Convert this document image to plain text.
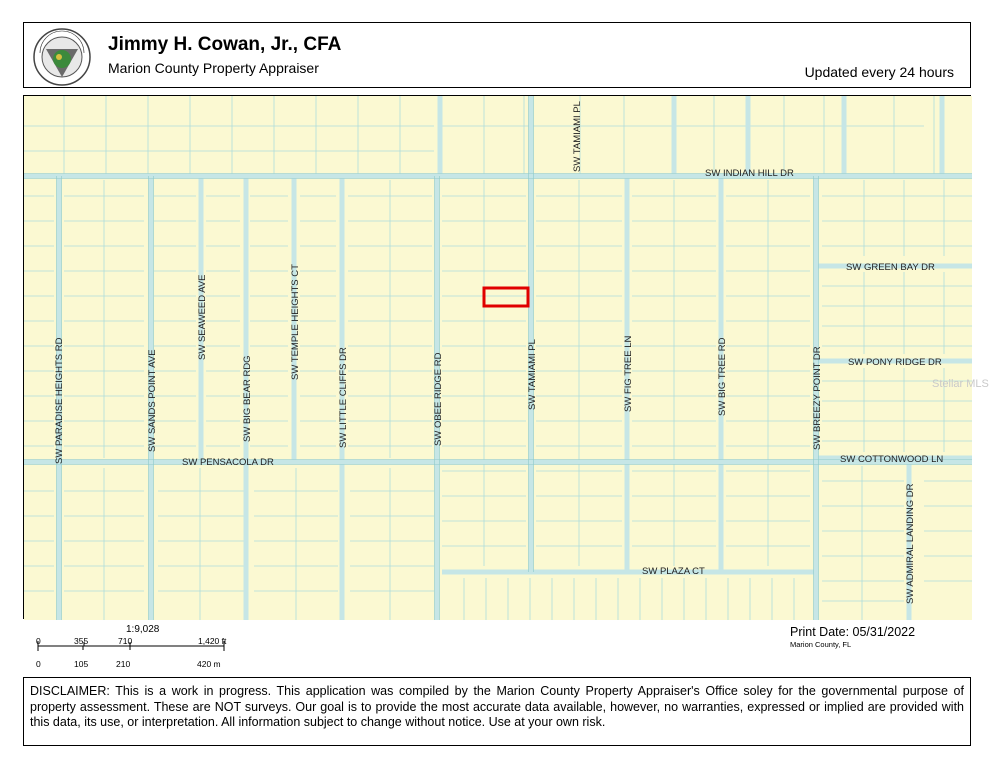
Jimmy H. Cowan, Jr., CFA
Marion County Property Appraiser	Updated every 24 hours
SW INDIAN HILL DR
SW GREEN BAY DR
SW PONY RIDGE DR
SW COTTONWOOD LN
SW PENSACOLA DR
SW PLAZA CT
SW TAMIAMI PL
SW PARADISE HEIGHTS RD	SW SANDS POINT AVE
SW SEAWEED AVE
SW BIG BEAR RDG
SW TEMPLE HEIGHTS CT
SW LITTLE CLIFFS DR	SW OBEE RIDGE RD	SW TAMIAMI PL	SW FIG TREE LN	SW BIG TREE RD	SW BREEZY POINT DR
SW ADMIRAL LANDING DR
Stellar MLS
1:9,028
0	355	710	1,420 ft
0	105	210	420 m
Print Date: 05/31/2022
Marion County, FL
DISCLAIMER: This is a work in progress. This application was compiled by the Marion County Property Appraiser's Office soley for the governmental purpose of property assessment. These are NOT surveys. Our goal is to provide the most accurate data available, however, no warranties, expressed or implied are provided with this data, its use, or interpretation. All information subject to change without notice. Use at your own risk.
